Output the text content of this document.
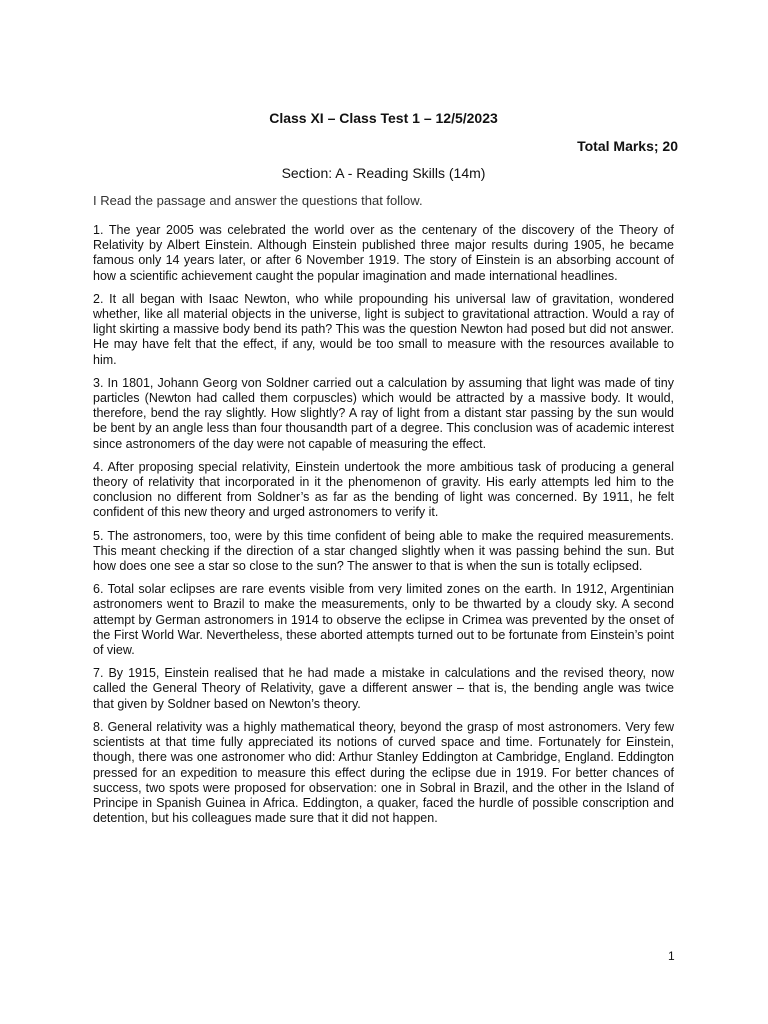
Class XI – Class Test 1 – 12/5/2023
Total Marks; 20
Section: A - Reading Skills (14m)
I Read the passage and answer the questions that follow.

1. The year 2005 was celebrated the world over as the centenary of the discovery of the Theory of Relativity by Albert Einstein. Although Einstein published three major results during 1905, he became famous only 14 years later, or after 6 November 1919. The story of Einstein is an absorbing account of how a scientific achievement caught the popular imagination and made international headlines.

2. It all began with Isaac Newton, who while propounding his universal law of gravitation, wondered whether, like all material objects in the universe, light is subject to gravitational attraction. Would a ray of light skirting a massive body bend its path? This was the question Newton had posed but did not answer. He may have felt that the effect, if any, would be too small to measure with the resources available to him.

3. In 1801, Johann Georg von Soldner carried out a calculation by assuming that light was made of tiny particles (Newton had called them corpuscles) which would be attracted by a massive body. It would, therefore, bend the ray slightly. How slightly? A ray of light from a distant star passing by the sun would be bent by an angle less than four thousandth part of a degree. This conclusion was of academic interest since astronomers of the day were not capable of measuring the effect.

4. After proposing special relativity, Einstein undertook the more ambitious task of producing a general theory of relativity that incorporated in it the phenomenon of gravity. His early attempts led him to the conclusion no different from Soldner’s as far as the bending of light was concerned. By 1911, he felt confident of this new theory and urged astronomers to verify it.

5. The astronomers, too, were by this time confident of being able to make the required measurements. This meant checking if the direction of a star changed slightly when it was passing behind the sun. But how does one see a star so close to the sun? The answer to that is when the sun is totally eclipsed.

6. Total solar eclipses are rare events visible from very limited zones on the earth. In 1912, Argentinian astronomers went to Brazil to make the measurements, only to be thwarted by a cloudy sky. A second attempt by German astronomers in 1914 to observe the eclipse in Crimea was prevented by the onset of the First World War. Nevertheless, these aborted attempts turned out to be fortunate from Einstein’s point of view.

7. By 1915, Einstein realised that he had made a mistake in calculations and the revised theory, now called the General Theory of Relativity, gave a different answer – that is, the bending angle was twice that given by Soldner based on Newton’s theory.

8. General relativity was a highly mathematical theory, beyond the grasp of most astronomers. Very few scientists at that time fully appreciated its notions of curved space and time. Fortunately for Einstein, though, there was one astronomer who did: Arthur Stanley Eddington at Cambridge, England. Eddington pressed for an expedition to measure this effect during the eclipse due in 1919. For better chances of success, two spots were proposed for observation: one in Sobral in Brazil, and the other in the Island of Principe in Spanish Guinea in Africa. Eddington, a quaker, faced the hurdle of possible conscription and detention, but his colleagues made sure that it did not happen.

1
